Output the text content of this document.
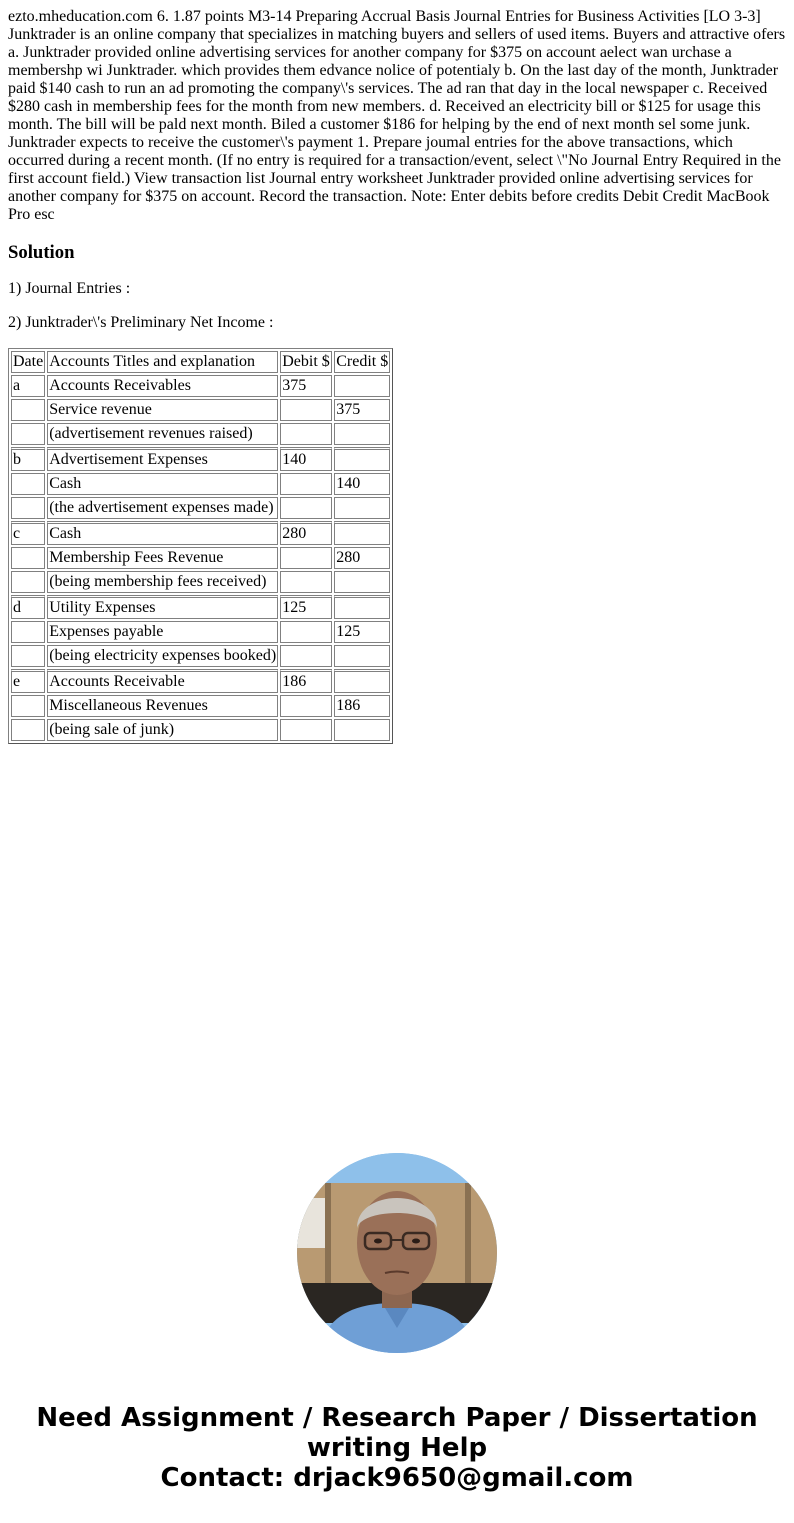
ezto.mheducation.com 6. 1.87 points M3-14 Preparing Accrual Basis Journal Entries for Business Activities [LO 3-3] Junktrader is an online company that specializes in matching buyers and sellers of used items. Buyers and attractive ofers a. Junktrader provided online advertising services for another company for $375 on account aelect wan urchase a membershp wi Junktrader. which provides them edvance nolice of potentialy b. On the last day of the month, Junktrader paid $140 cash to run an ad promoting the company\'s services. The ad ran that day in the local newspaper c. Received $280 cash in membership fees for the month from new members. d. Received an electricity bill or $125 for usage this month. The bill will be pald next month. Biled a customer $186 for helping by the end of next month sel some junk. Junktrader expects to receive the customer\'s payment 1. Prepare joumal entries for the above transactions, which occurred during a recent month. (If no entry is required for a transaction/event, select \"No Journal Entry Required in the first account field.) View transaction list Journal entry worksheet Junktrader provided online advertising services for another company for $375 on account. Record the transaction. Note: Enter debits before credits Debit Credit MacBook Pro esc
Solution

1) Journal Entries :

2) Junktrader\'s Preliminary Net Income :

Date	Accounts Titles and explanation	Debit $	Credit $
a	Accounts Receivables	375	
	Service revenue		375
	(advertisement revenues raised)		
b	Advertisement Expenses	140	
	Cash		140
	(the advertisement expenses made)		
c	Cash	280	
	Membership Fees Revenue		280
	(being membership fees received)		
d	Utility Expenses	125	
	Expenses payable		125
	(being electricity expenses booked)		
e	Accounts Receivable	186	
	Miscellaneous Revenues		186
	(being sale of junk)		
Need Assignment / Research Paper / Dissertation
writing Help
Contact: drjack9650@gmail.com
